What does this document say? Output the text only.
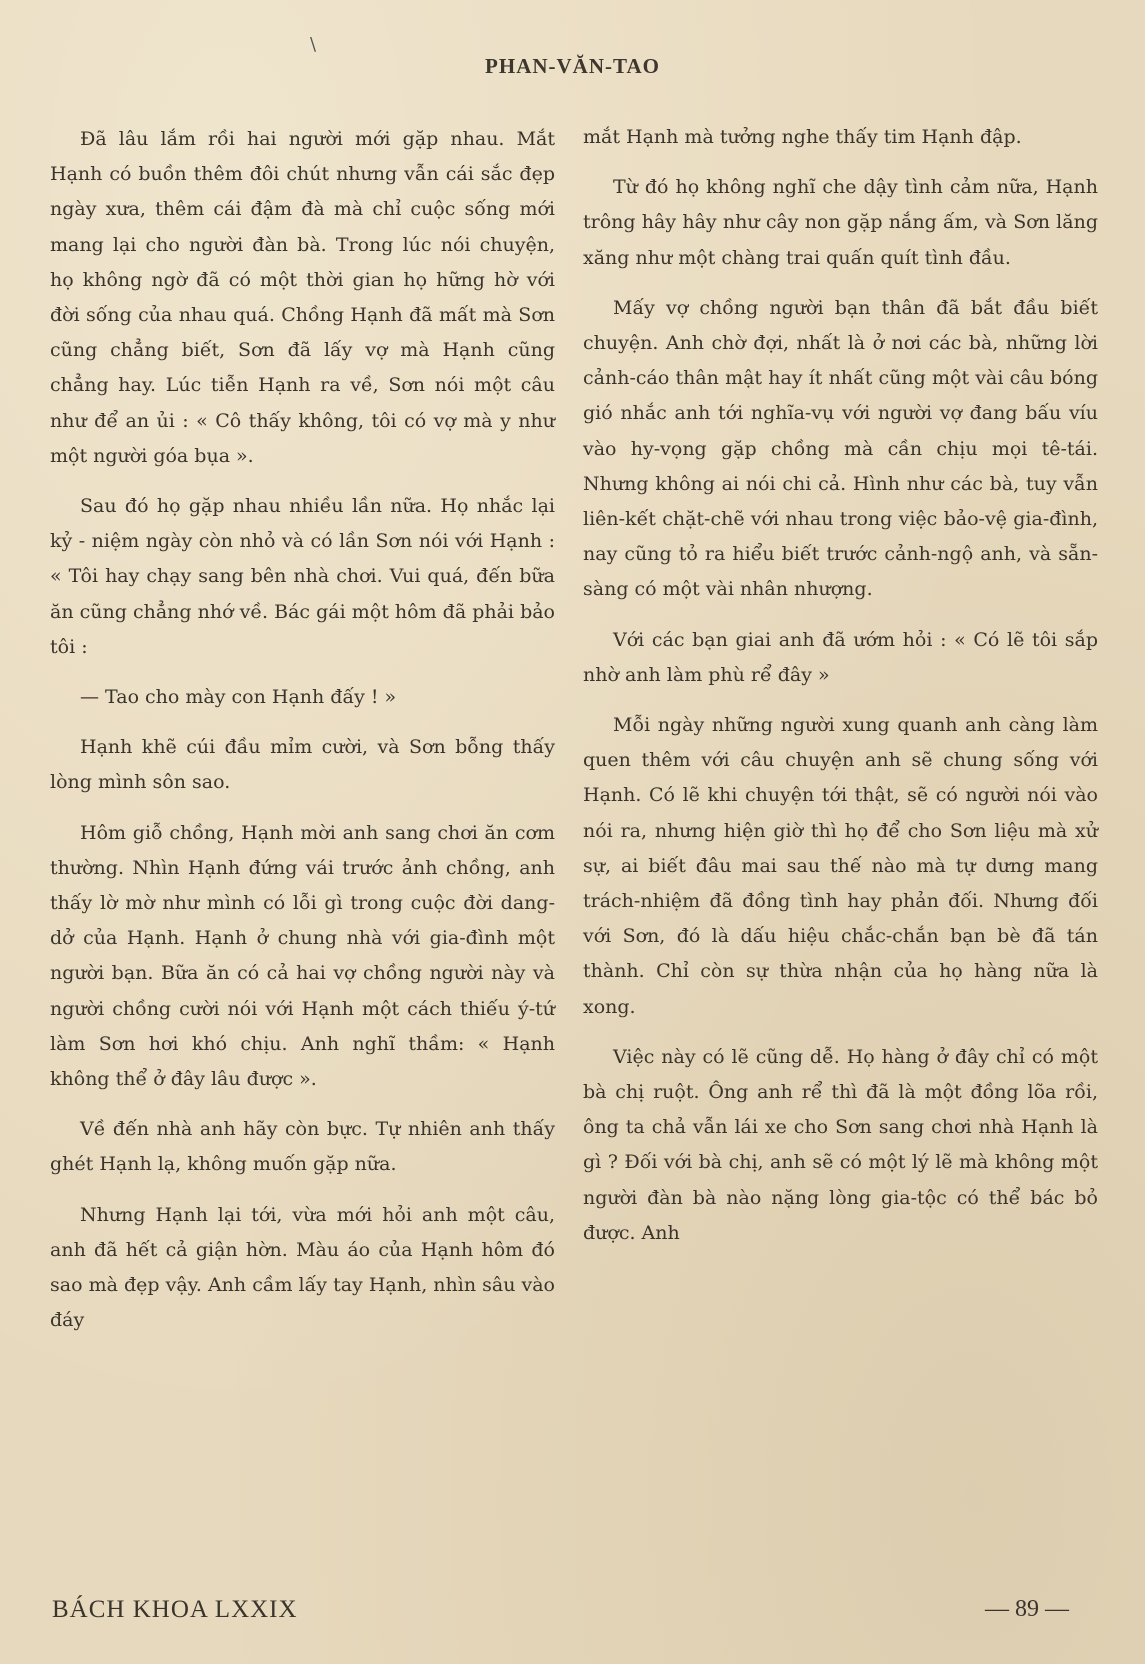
\
PHAN-VĂN-TAO

Đã lâu lắm rồi hai người mới gặp nhau. Mắt Hạnh có buồn thêm đôi chút nhưng vẫn cái sắc đẹp ngày xưa, thêm cái đậm đà mà chỉ cuộc sống mới mang lại cho người đàn bà. Trong lúc nói chuyện, họ không ngờ đã có một thời gian họ hững hờ với đời sống của nhau quá. Chồng Hạnh đã mất mà Sơn cũng chẳng biết, Sơn đã lấy vợ mà Hạnh cũng chẳng hay. Lúc tiễn Hạnh ra về, Sơn nói một câu như để an ủi : « Cô thấy không, tôi có vợ mà y như một người góa bụa ».

Sau đó họ gặp nhau nhiều lần nữa. Họ nhắc lại kỷ - niệm ngày còn nhỏ và có lần Sơn nói với Hạnh : « Tôi hay chạy sang bên nhà chơi. Vui quá, đến bữa ăn cũng chẳng nhớ về. Bác gái một hôm đã phải bảo tôi :

— Tao cho mày con Hạnh đấy ! »

Hạnh khẽ cúi đầu mỉm cười, và Sơn bỗng thấy lòng mình sôn sao.

Hôm giỗ chồng, Hạnh mời anh sang chơi ăn cơm thường. Nhìn Hạnh đứng vái trước ảnh chồng, anh thấy lờ mờ như mình có lỗi gì trong cuộc đời dang-dở của Hạnh. Hạnh ở chung nhà với gia-đình một người bạn. Bữa ăn có cả hai vợ chồng người này và người chồng cười nói với Hạnh một cách thiếu ý-tứ làm Sơn hơi khó chịu. Anh nghĩ thầm: « Hạnh không thể ở đây lâu được ».

Về đến nhà anh hãy còn bực. Tự nhiên anh thấy ghét Hạnh lạ, không muốn gặp nữa.

Nhưng Hạnh lại tới, vừa mới hỏi anh một câu, anh đã hết cả giận hờn. Màu áo của Hạnh hôm đó sao mà đẹp vậy. Anh cầm lấy tay Hạnh, nhìn sâu vào đáy

mắt Hạnh mà tưởng nghe thấy tim Hạnh đập.

Từ đó họ không nghĩ che dậy tình cảm nữa, Hạnh trông hây hây như cây non gặp nắng ấm, và Sơn lăng xăng như một chàng trai quấn quít tình đầu.

Mấy vợ chồng người bạn thân đã bắt đầu biết chuyện. Anh chờ đợi, nhất là ở nơi các bà, những lời cảnh-cáo thân mật hay ít nhất cũng một vài câu bóng gió nhắc anh tới nghĩa-vụ với người vợ đang bấu víu vào hy-vọng gặp chồng mà cần chịu mọi tê-tái. Nhưng không ai nói chi cả. Hình như các bà, tuy vẫn liên-kết chặt-chẽ với nhau trong việc bảo-vệ gia-đình, nay cũng tỏ ra hiểu biết trước cảnh-ngộ anh, và sẵn-sàng có một vài nhân nhượng.

Với các bạn giai anh đã ướm hỏi : « Có lẽ tôi sắp nhờ anh làm phù rể đây »

Mỗi ngày những người xung quanh anh càng làm quen thêm với câu chuyện anh sẽ chung sống với Hạnh. Có lẽ khi chuyện tới thật, sẽ có người nói vào nói ra, nhưng hiện giờ thì họ để cho Sơn liệu mà xử sự, ai biết đâu mai sau thế nào mà tự dưng mang trách-nhiệm đã đồng tình hay phản đối. Nhưng đối với Sơn, đó là dấu hiệu chắc-chắn bạn bè đã tán thành. Chỉ còn sự thừa nhận của họ hàng nữa là xong.

Việc này có lẽ cũng dễ. Họ hàng ở đây chỉ có một bà chị ruột. Ông anh rể thì đã là một đồng lõa rồi, ông ta chả vẫn lái xe cho Sơn sang chơi nhà Hạnh là gì ? Đối với bà chị, anh sẽ có một lý lẽ mà không một người đàn bà nào nặng lòng gia-tộc có thể bác bỏ được. Anh

BÁCH KHOA LXXIX	— 89 —
